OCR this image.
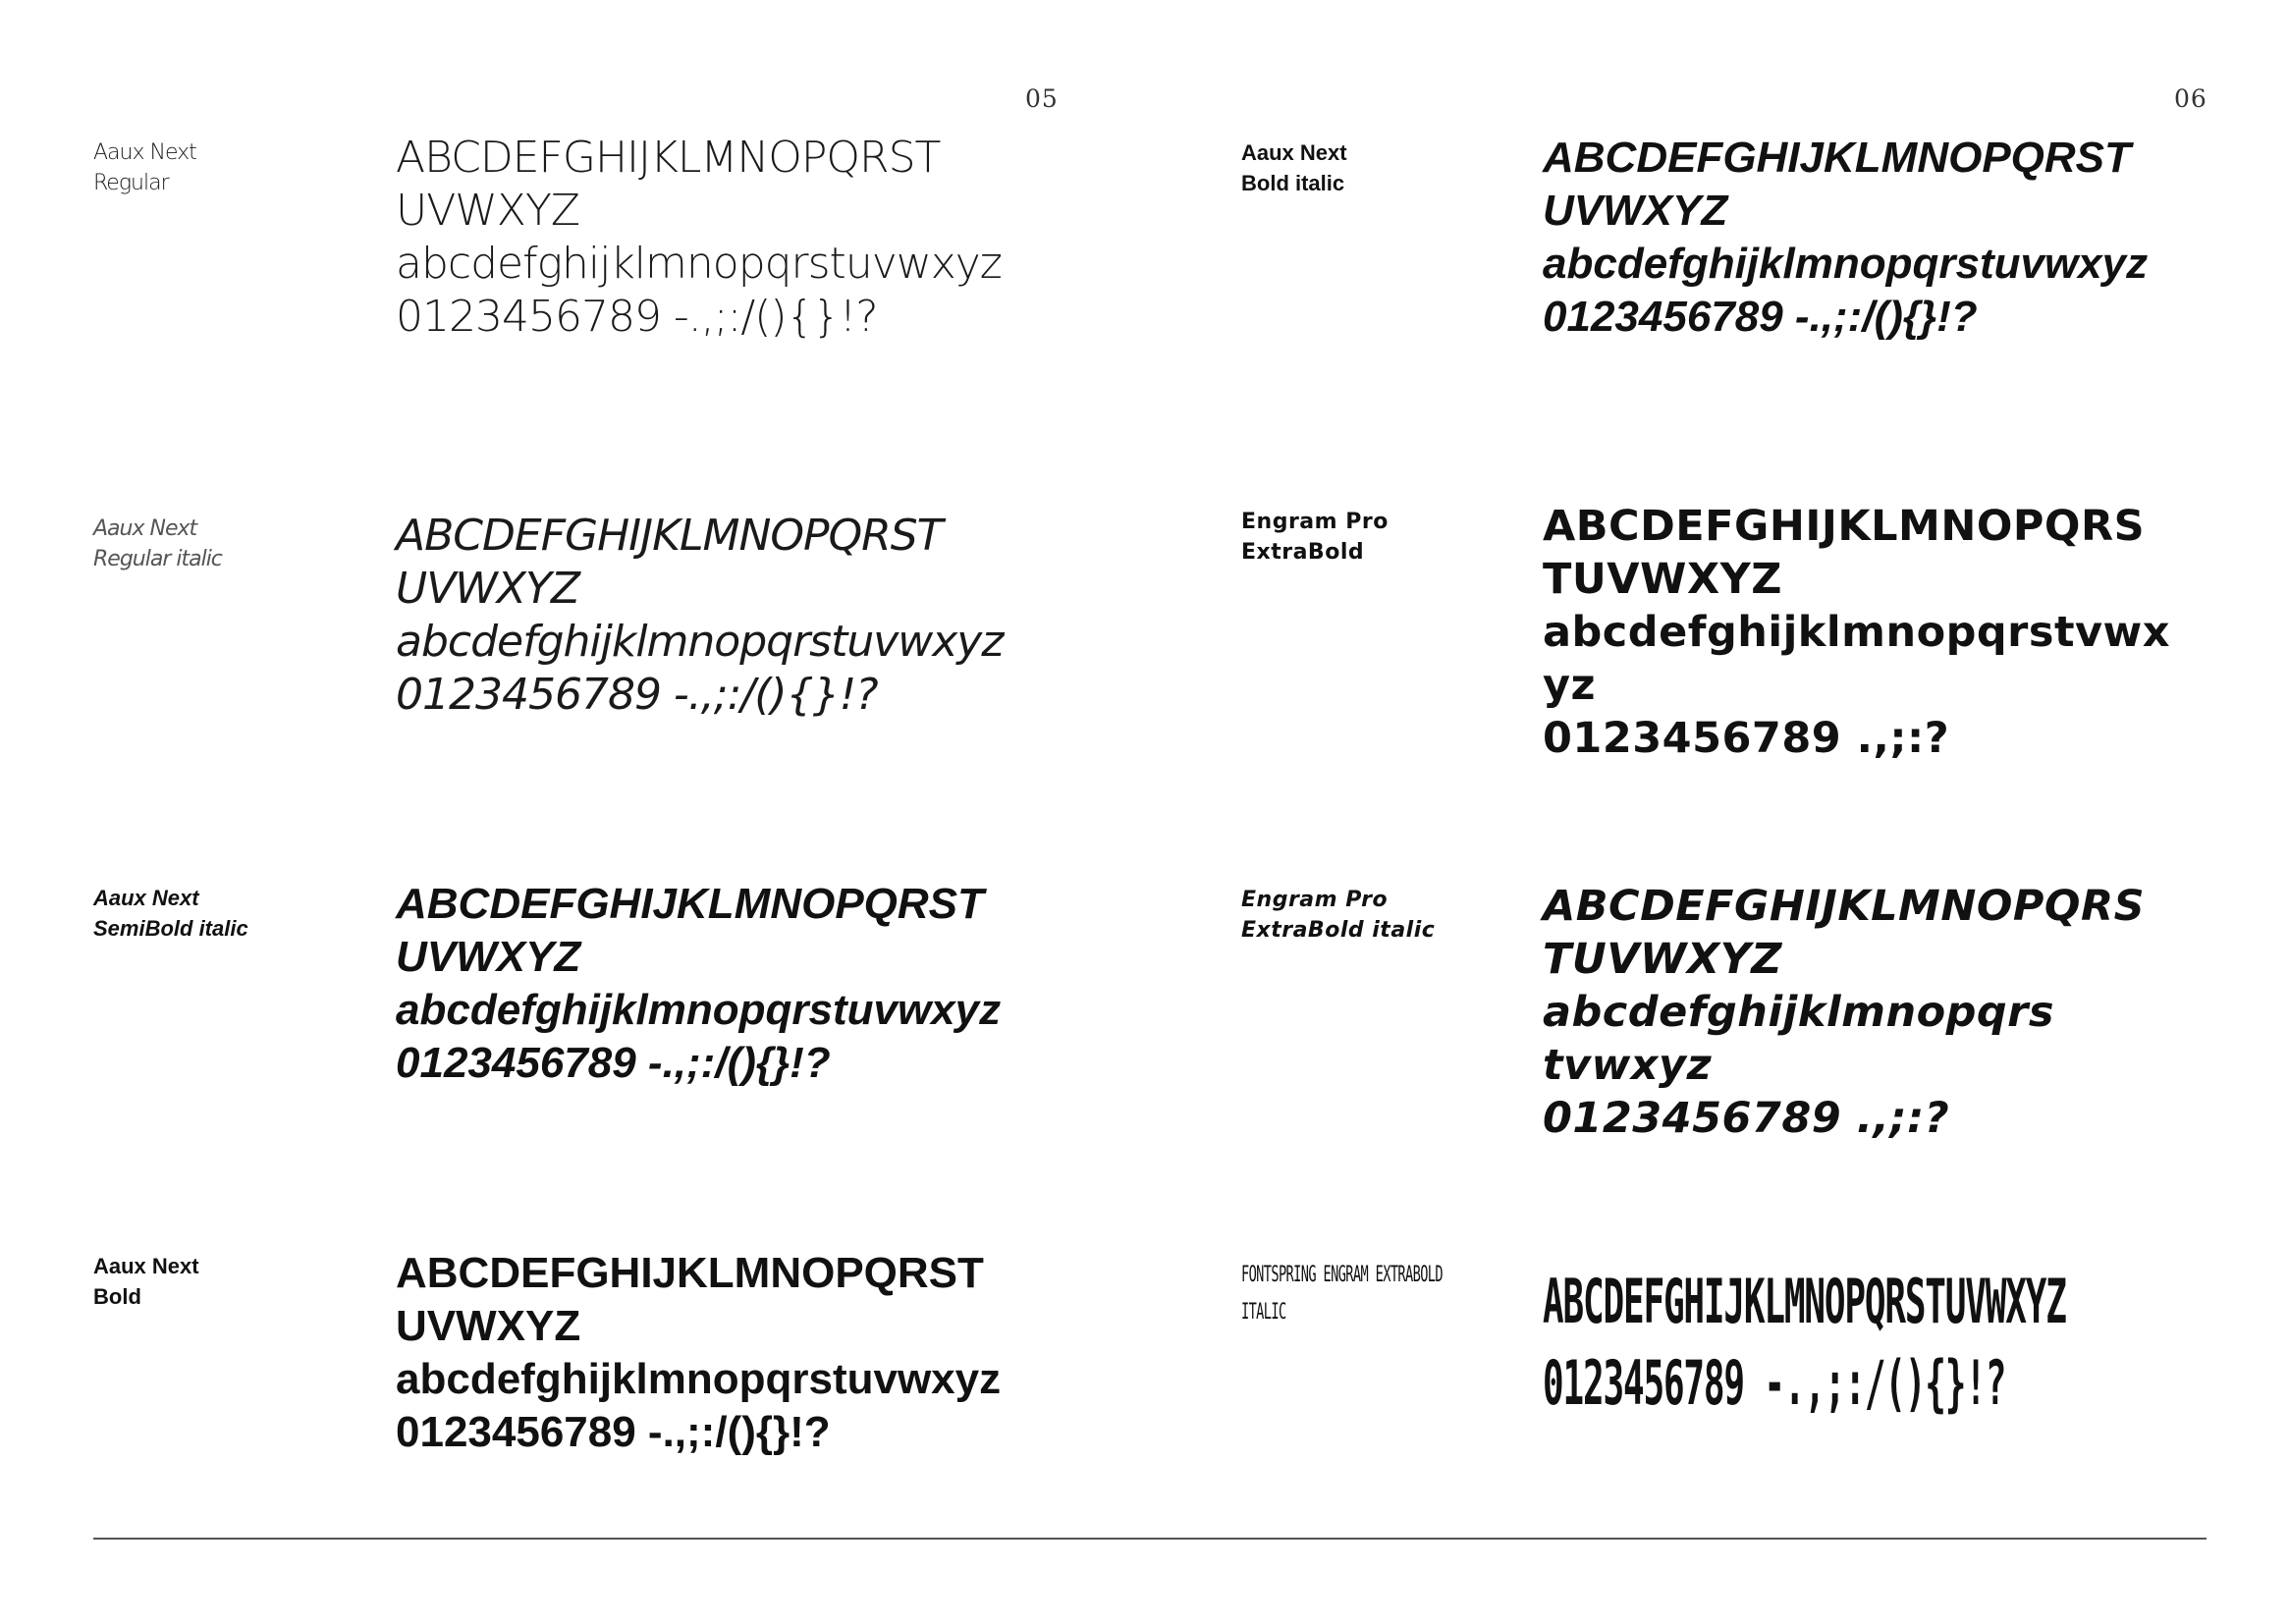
05	06
Aaux Next
Regular
ABCDEFGHIJKLMNOPQRST
UVWXYZ
abcdefghijklmnopqrstuvwxyz
0123456789 -.,;:/(){}!?
Aaux Next
Regular italic	ABCDEFGHIJKLMNOPQRST
UVWXYZ
abcdefghijklmnopqrstuvwxyz
0123456789 -.,;:/(){}!?
Aaux Next
SemiBold italic
ABCDEFGHIJKLMNOPQRST
UVWXYZ
abcdefghijklmnopqrstuvwxyz
0123456789 -.,;:/(){}!?
Aaux Next
Bold	ABCDEFGHIJKLMNOPQRST
UVWXYZ
abcdefghijklmnopqrstuvwxyz
0123456789 -.,;:/(){}!?
Aaux Next
Bold italic
ABCDEFGHIJKLMNOPQRST
UVWXYZ
abcdefghijklmnopqrstuvwxyz
0123456789 -.,;:/(){}!?
Engram Pro
ExtraBold
ABCDEFGHIJKLMNOPQRS
TUVWXYZ
abcdefghijklmnopqrstvwx
yz
0123456789 .,;:?
Engram Pro
ExtraBold italic	ABCDEFGHIJKLMNOPQRS
TUVWXYZ
abcdefghijklmnopqrs
tvwxyz
0123456789 .,;:?
FONTSPRING ENGRAM EXTRABOLD
ITALIC	ABCDEFGHIJKLMNOPQRSTUVWXYZ
0123456789 -.,;:/(){}!?
